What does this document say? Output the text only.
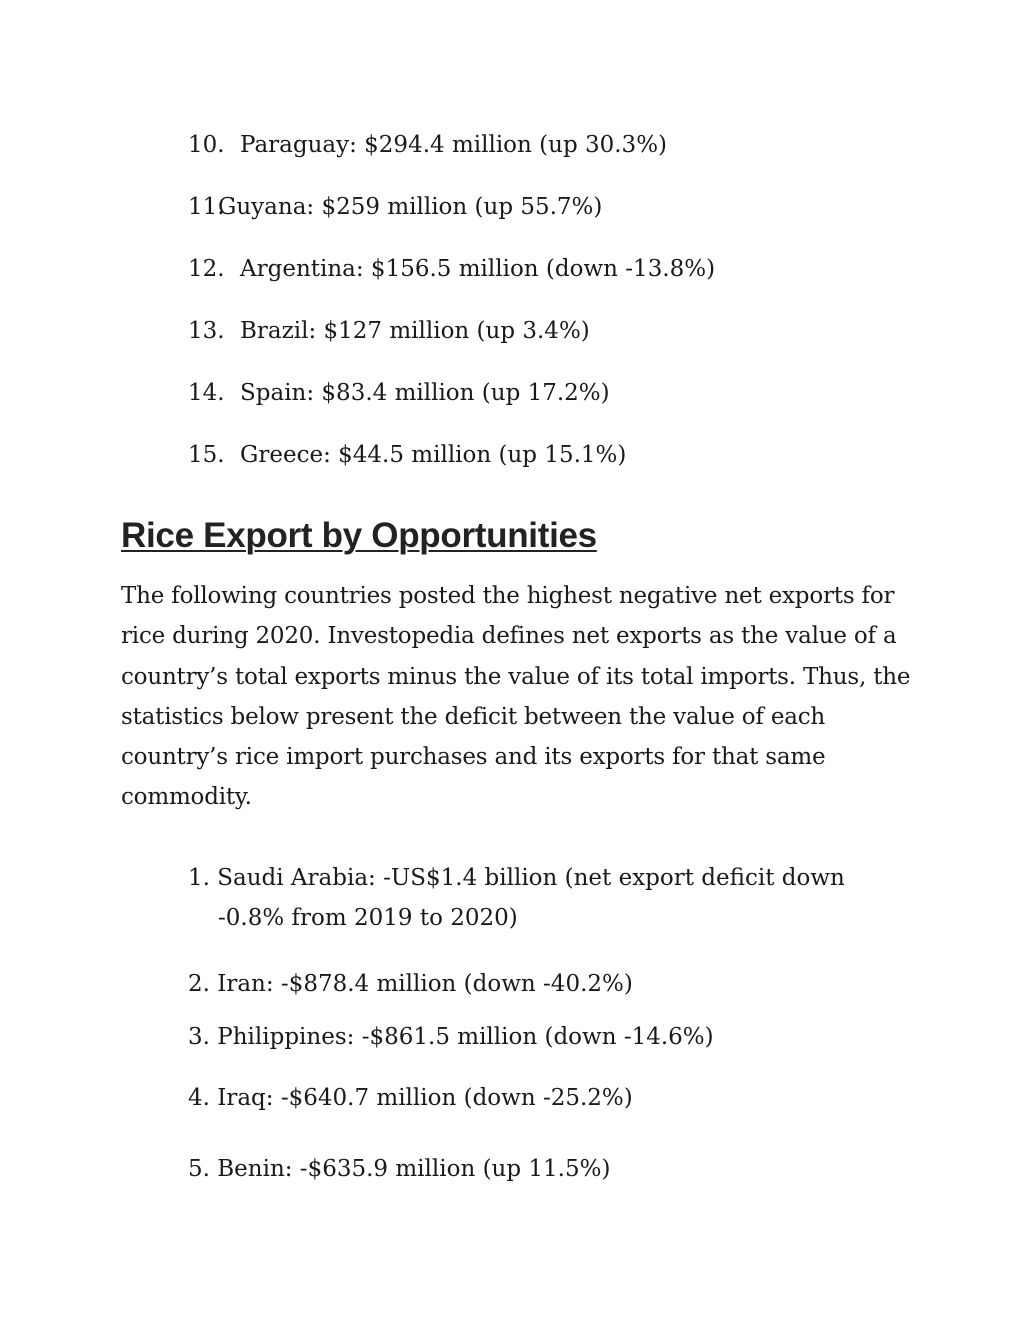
10. Paraguay: $294.4 million (up 30.3%)
11.Guyana: $259 million (up 55.7%)
12. Argentina: $156.5 million (down -13.8%)
13. Brazil: $127 million (up 3.4%)
14. Spain: $83.4 million (up 17.2%)
15. Greece: $44.5 million (up 15.1%)
Rice Export by Opportunities

The following countries posted the highest negative net exports for rice during 2020. Investopedia defines net exports as the value of a country’s total exports minus the value of its total imports. Thus, the statistics below present the deficit between the value of each country’s rice import purchases and its exports for that same commodity.

1. Saudi Arabia: -US$1.4 billion (net export deficit down -0.8% from 2019 to 2020)
2. Iran: -$878.4 million (down -40.2%)
3. Philippines: -$861.5 million (down -14.6%)
4. Iraq: -$640.7 million (down -25.2%)
5. Benin: -$635.9 million (up 11.5%)
